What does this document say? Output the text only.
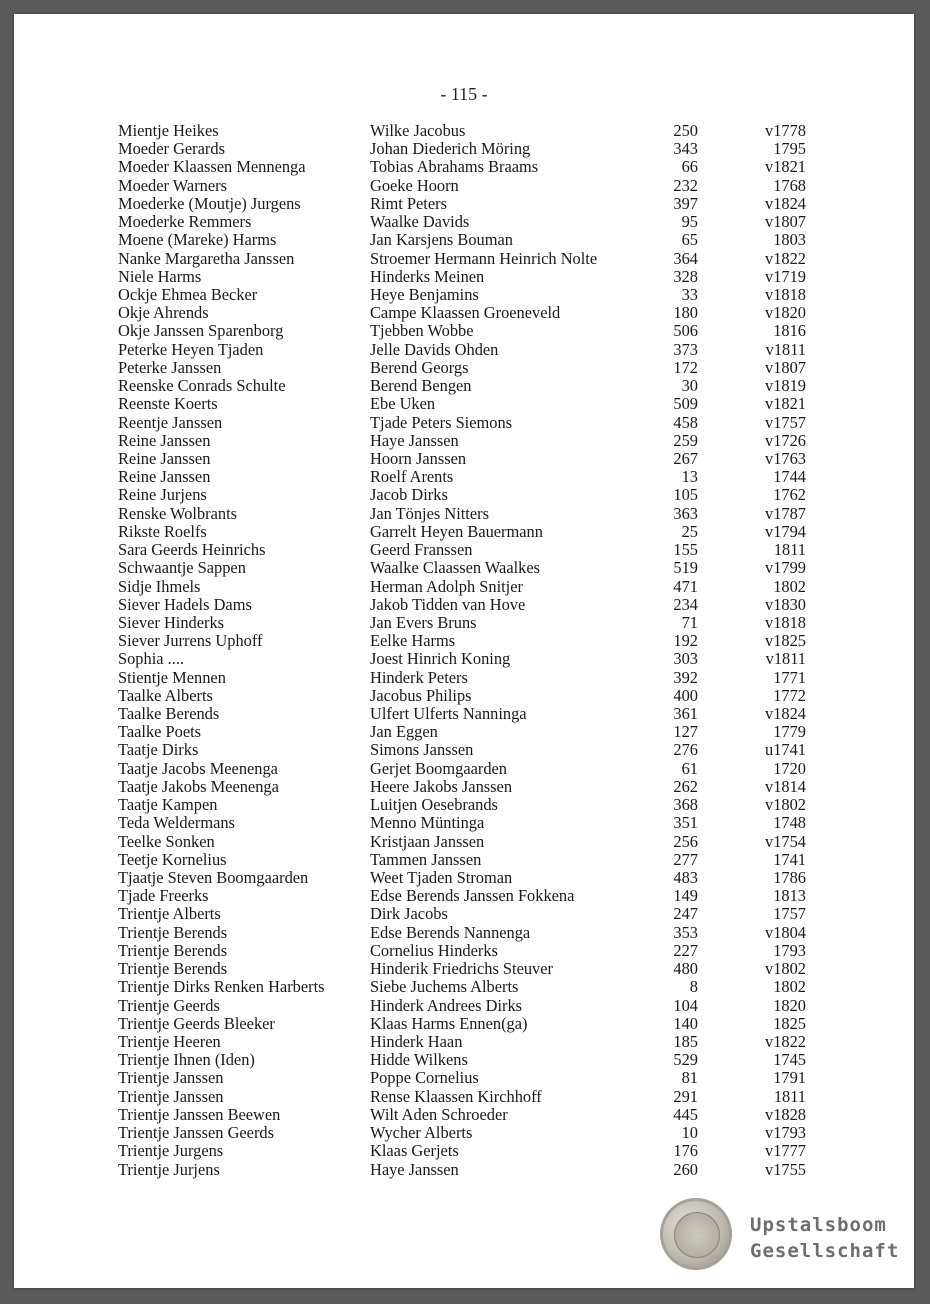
- 115 -
Mientje Heikes	Wilke Jacobus	250	v1778
Moeder Gerards	Johan Diederich Möring	343	1795
Moeder Klaassen Mennenga	Tobias Abrahams Braams	66	v1821
Moeder Warners	Goeke Hoorn	232	1768
Moederke (Moutje) Jurgens	Rimt Peters	397	v1824
Moederke Remmers	Waalke Davids	95	v1807
Moene (Mareke) Harms	Jan Karsjens Bouman	65	1803
Nanke Margaretha Janssen	Stroemer Hermann Heinrich Nolte	364	v1822
Niele Harms	Hinderks Meinen	328	v1719
Ockje Ehmea Becker	Heye Benjamins	33	v1818
Okje Ahrends	Campe Klaassen Groeneveld	180	v1820
Okje Janssen Sparenborg	Tjebben Wobbe	506	1816
Peterke Heyen Tjaden	Jelle Davids Ohden	373	v1811
Peterke Janssen	Berend Georgs	172	v1807
Reenske Conrads Schulte	Berend Bengen	30	v1819
Reenste Koerts	Ebe Uken	509	v1821
Reentje Janssen	Tjade Peters Siemons	458	v1757
Reine Janssen	Haye Janssen	259	v1726
Reine Janssen	Hoorn Janssen	267	v1763
Reine Janssen	Roelf Arents	13	1744
Reine Jurjens	Jacob Dirks	105	1762
Renske Wolbrants	Jan Tönjes Nitters	363	v1787
Rikste Roelfs	Garrelt Heyen Bauermann	25	v1794
Sara Geerds Heinrichs	Geerd Franssen	155	1811
Schwaantje Sappen	Waalke Claassen Waalkes	519	v1799
Sidje Ihmels	Herman Adolph Snitjer	471	1802
Siever Hadels Dams	Jakob Tidden van Hove	234	v1830
Siever Hinderks	Jan Evers Bruns	71	v1818
Siever Jurrens Uphoff	Eelke Harms	192	v1825
Sophia ....	Joest Hinrich Koning	303	v1811
Stientje Mennen	Hinderk Peters	392	1771
Taalke Alberts	Jacobus Philips	400	1772
Taalke Berends	Ulfert Ulferts Nanninga	361	v1824
Taalke Poets	Jan Eggen	127	1779
Taatje Dirks	Simons Janssen	276	u1741
Taatje Jacobs Meenenga	Gerjet Boomgaarden	61	1720
Taatje Jakobs Meenenga	Heere Jakobs Janssen	262	v1814
Taatje Kampen	Luitjen Oesebrands	368	v1802
Teda Weldermans	Menno Müntinga	351	1748
Teelke Sonken	Kristjaan Janssen	256	v1754
Teetje Kornelius	Tammen Janssen	277	1741
Tjaatje Steven Boomgaarden	Weet Tjaden Stroman	483	1786
Tjade Freerks	Edse Berends Janssen Fokkena	149	1813
Trientje Alberts	Dirk Jacobs	247	1757
Trientje Berends	Edse Berends Nannenga	353	v1804
Trientje Berends	Cornelius Hinderks	227	1793
Trientje Berends	Hinderik Friedrichs Steuver	480	v1802
Trientje Dirks Renken Harberts	Siebe Juchems Alberts	8	1802
Trientje Geerds	Hinderk Andrees Dirks	104	1820
Trientje Geerds Bleeker	Klaas Harms Ennen(ga)	140	1825
Trientje Heeren	Hinderk Haan	185	v1822
Trientje Ihnen (Iden)	Hidde Wilkens	529	1745
Trientje Janssen	Poppe Cornelius	81	1791
Trientje Janssen	Rense Klaassen Kirchhoff	291	1811
Trientje Janssen Beewen	Wilt Aden Schroeder	445	v1828
Trientje Janssen Geerds	Wycher Alberts	10	v1793
Trientje Jurgens	Klaas Gerjets	176	v1777
Trientje Jurjens	Haye Janssen	260	v1755
Upstalsboom
Gesellschaft
